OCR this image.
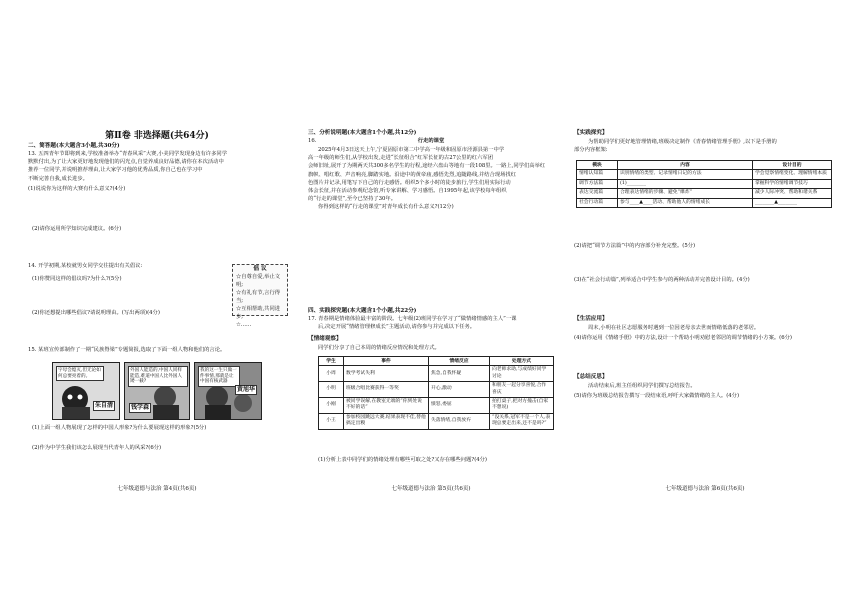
第Ⅱ卷 非选择题(共64分)
二、简答题(本大题含3小题,共30分)
13. 五四青年节即将到来,学校准备举办“青春风采”大赛,小美同学发现身边有许多同学
默默付出,为了让大家更好地发现他们的闪光点,自觉养成良好品德,请你在本次活动中
推荐一位同学,并说明推荐理由,让大家学习他的优秀品质,你自己也在学习中
不断完善自我,成长进步。
(1)说说你为这样的大赛有什么意义?(4分)
(2)请你运用所学知识完成建议。(6分)
14. 开学初期,某校就男女同学交往提出有关倡议:
(1)你赞同这样的倡议吗?为什么?(5分)
倡 议
☆自尊自爱,举止文明;
☆有礼有节,言行得当;
☆互相帮助,共同进步;
☆……
(2)你还想提出哪些倡议?请说明理由。(写出两项)(4分)
15. 某班宣传部制作了一期“民族脊梁”专题简报,选取了下面一组人物和他们的言论。
字母会熄灭,但无论如何总要亮着的。
朱自清
外国人能造的,中国人同样能造,难道中国人比外国人矮一截?
钱学森
我的这一生只做一件事情,那就是让中国有核武器
黄旭华
(1)上面一组人物展现了怎样的中国人形象?为什么要展现这样的形象?(5分)
(2)作为中学生我们该怎么展现当代青年人的风采?(6分)
七年级道德与法治 第4页(共6页)
三、分析说明题(本大题含1个小题,共12分)
16.	行走的课堂
2025年4月3日这天上午,宁夏固原市第二中学高一年级和固原市泾源县第一中学
高一年级的师生们,从学校出发,走进“长征组合”红军长征的古27公里的红六军团
会师旧址,展开了为期两天共300多名学生的行程,途经六盘山等地有一段108里。一路上,同学们高举红
旗帜、唱红歌、声音响亮,脚踏实地。沿途中的黄帝庙,感悟先烈,追随路线,并结合现场找红
色图片并记录,用笔写下自己的行走感悟。组织5个多小时的徒步旅行,学生们用实际行动
体会长征,并在活动参观纪念馆,听专家讲解、学习感悟。自1995年起,该学校每年组织
的“行走的课堂”,至今已坚持了30年。
你得到这样的“行走的课堂”对青年成长有什么意义?(12分)
四、实践探究题(本大题含1个小题,共22分)
17. 青春期是情绪体验最丰富的阶段。七年级(2)班同学在学习了“做情绪情感的主人”一课
后,决定开展“情绪管理修成长”主题活动,请你参与并完成以下任务。
【情绪观察】
同学们分享了自己本周的情绪反应情况和处理方式。
学生	事件	情绪反应	处理方式
小周	数学考试失利	焦急,自我怀疑	向老师求助,与成绩好同学讨论
小明	班级合唱比赛获得一等奖	开心,激动	和朋友一起分享喜悦,合作喜庆
小刚	被同学误解,在教室无端的“你到处说不好的话”	愤怒,委屈	拍打桌子,把对方撞击(自家不想说)
小王	参加校园跳远大赛,结果表现不佳,替他搞定出糗	失落情绪,自我放弃	“没关系,冠军不是一个人,表现总要走出来,还不是吗?”
(1)分析上表中同学们的情绪处理有哪些可取之处?又存在哪些问题?(4分)
七年级道德与法治 第5页(共6页)
【实践探究】
为帮助同学们更好地管理情绪,班级决定制作《青春情绪管理手册》,以下是手册的
部分内容框架:
模块	内容	设计目的
情绪认知篇	识别情绪的类型、记录情绪日记的方法	学会觉察情绪变化、理解情绪本质
调节方法篇	(1)________	掌握科学的情绪调节技巧
表达交流篇	合理表达情绪的步骤、避免“爆炸”	减少人际冲突、帮助和谐关系
社会行动篇	参与____▲____活动、帮助他人的情绪成长	________▲________
(2)请把“调节方法篇”中的内容部分补充完整。(5分)
(3)在“社会行动篇”,列举适合中学生参与的两种活动并完善设计目的。(4分)
【生活应用】
周末,小明在社区志愿服务时遇到一位因老母亲去世而情绪低落的老邻居。
(4)请你运用《情绪手册》中的方法,设计一个帮助小明劝慰老邻居的调节情绪的小方案。(6分)
【总结反思】
活动结束后,班主任组织同学们撰写总结报告。
(5)请你为班级总结报告撰写一段结束语,呼吁大家做情绪的主人。(4分)
七年级道德与法治 第6页(共6页)
